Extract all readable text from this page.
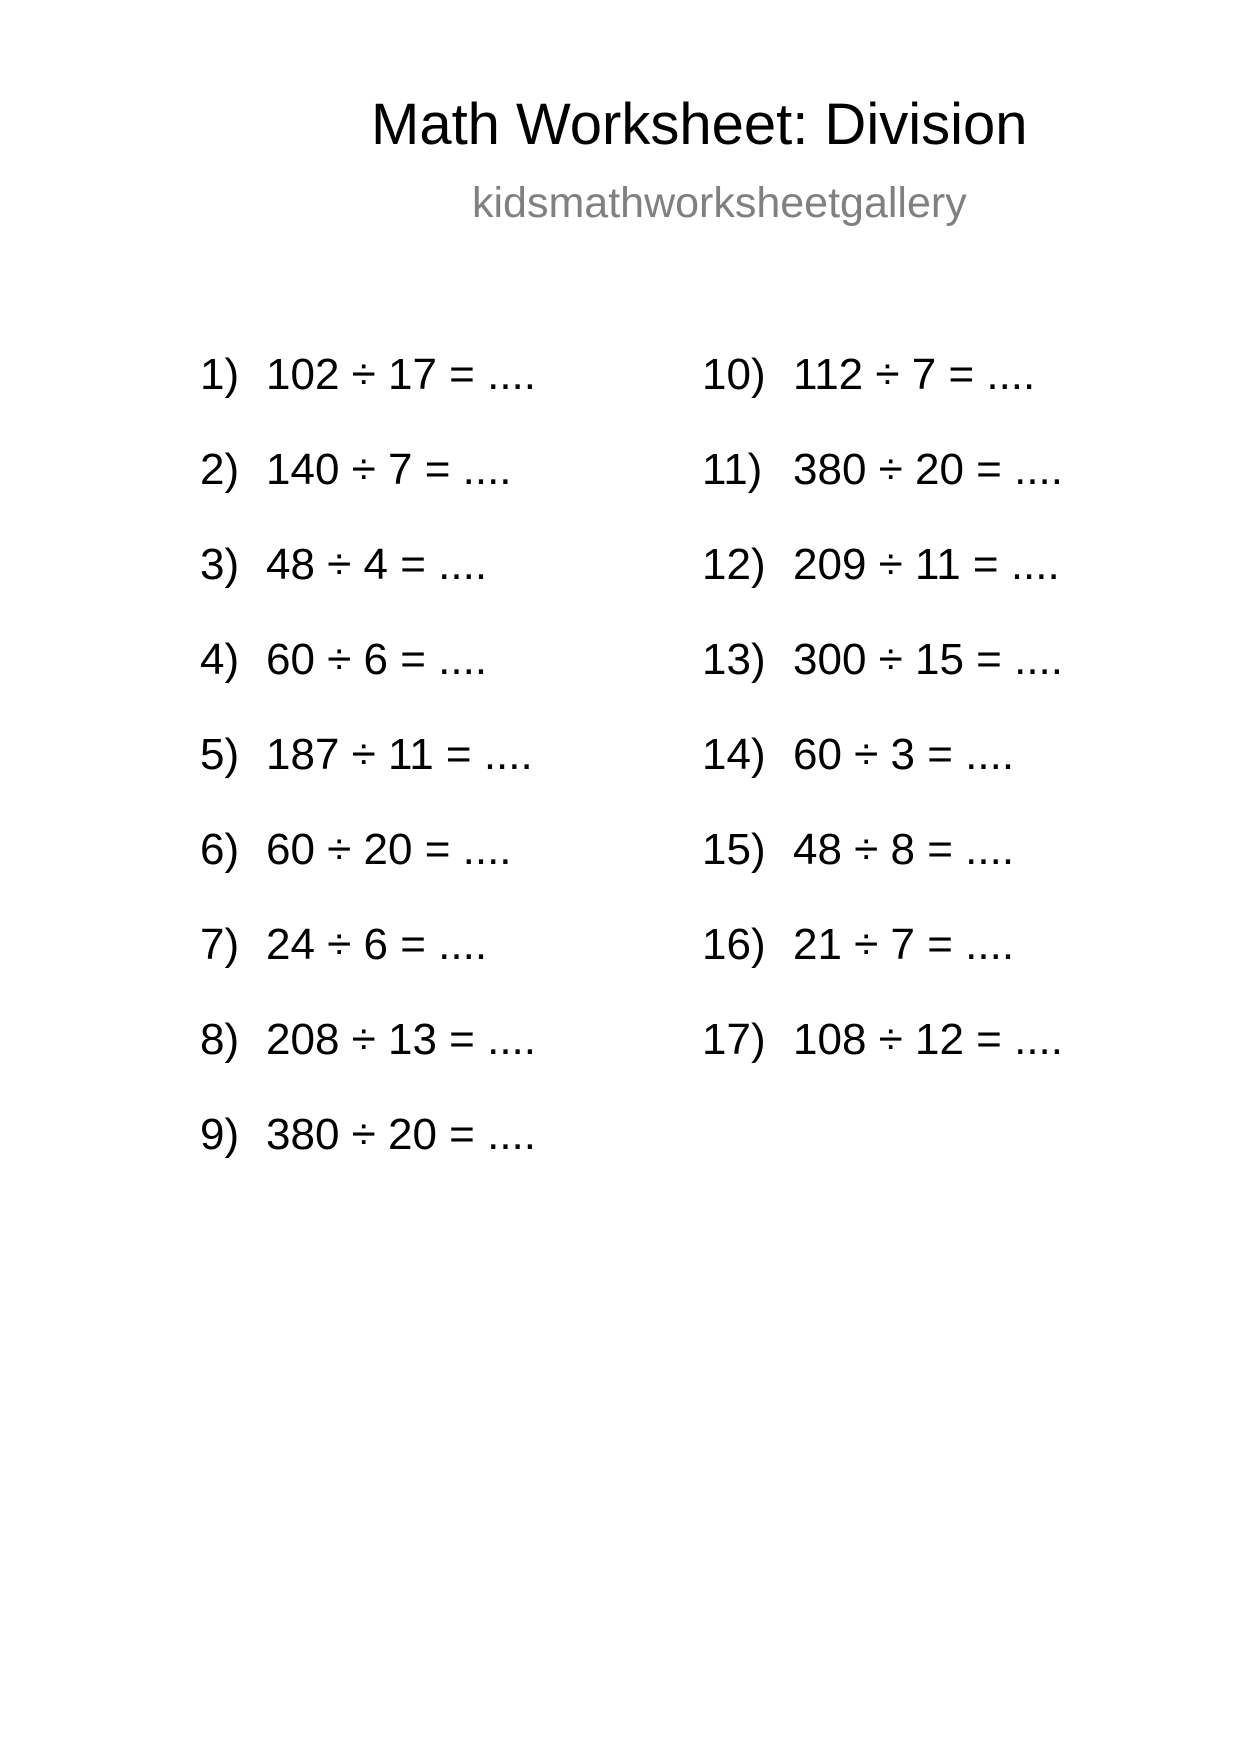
Math Worksheet: Division
kidsmathworksheetgallery
1) 102 ÷ 17 = ....
2) 140 ÷ 7 = ....
3) 48 ÷ 4 = ....
4) 60 ÷ 6 = ....
5) 187 ÷ 11 = ....
6) 60 ÷ 20 = ....
7) 24 ÷ 6 = ....
8) 208 ÷ 13 = ....
9) 380 ÷ 20 = ....
10) 112 ÷ 7 = ....
11) 380 ÷ 20 = ....
12) 209 ÷ 11 = ....
13) 300 ÷ 15 = ....
14) 60 ÷ 3 = ....
15) 48 ÷ 8 = ....
16) 21 ÷ 7 = ....
17) 108 ÷ 12 = ....
